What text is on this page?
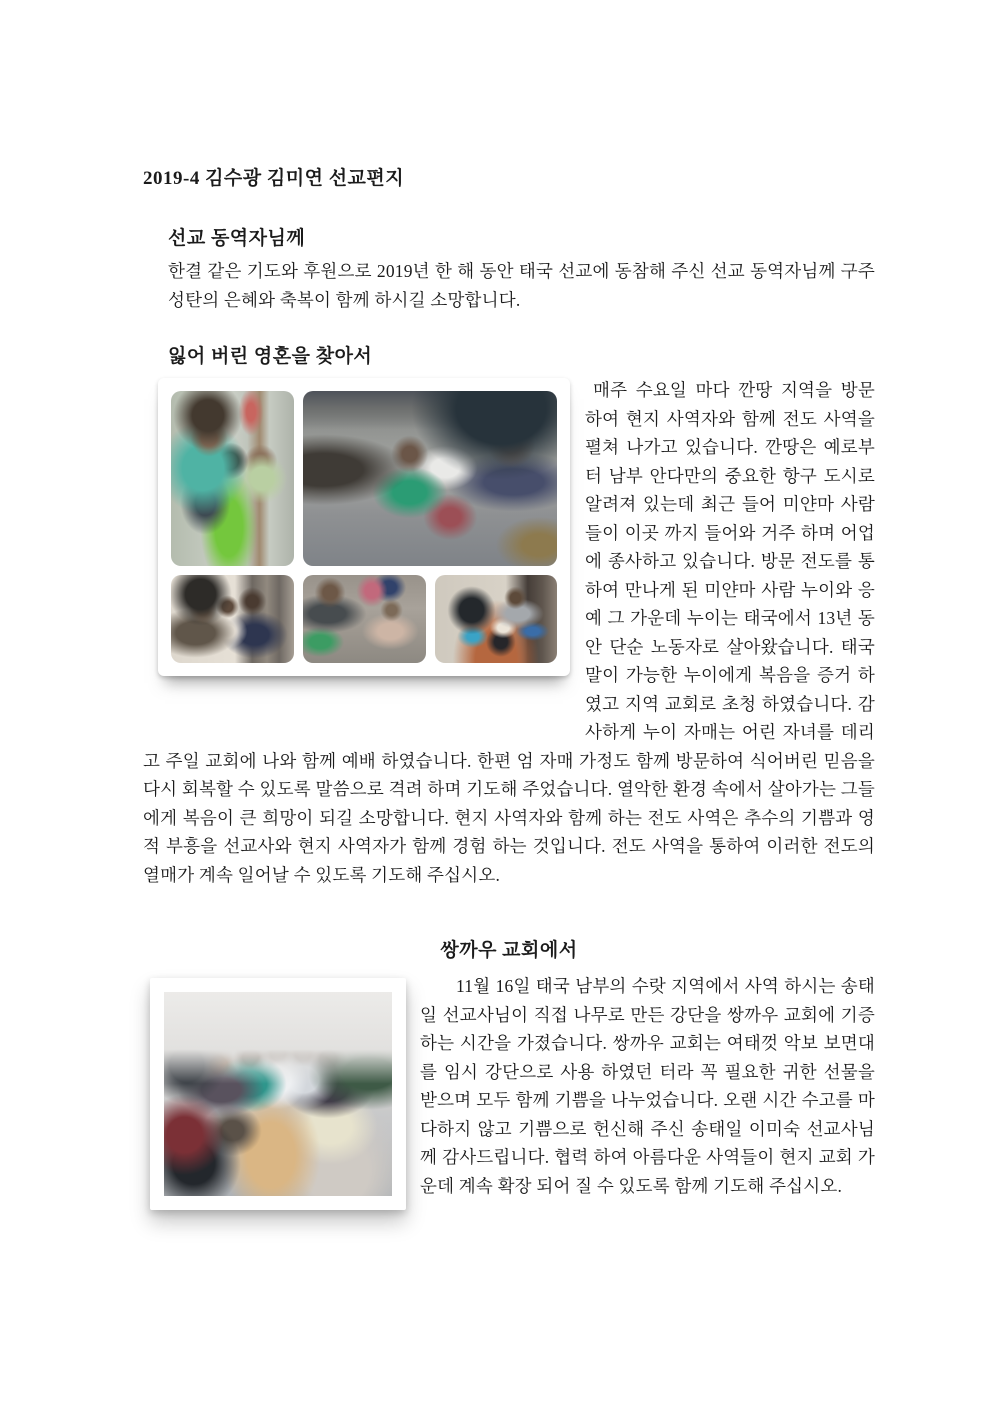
2019-4 김수광 김미연 선교편지
선교 동역자님께

한결 같은 기도와 후원으로 2019년 한 해 동안 태국 선교에 동참해 주신 선교 동역자님께 구주 성탄의 은혜와 축복이 함께 하시길 소망합니다.

잃어 버린 영혼을 찾아서

매주 수요일 마다 깐땅 지역을 방문 하여 현지 사역자와 함께 전도 사역을 펼쳐 나가고 있습니다. 깐땅은 예로부터 남부 안다만의 중요한 항구 도시로 알려져 있는데 최근 들어 미얀마 사람들이 이곳 까지 들어와 거주 하며 어업에 종사하고 있습니다. 방문 전도를 통하여 만나게 된 미얀마 사람 누이와 응예 그 가운데 누이는 태국에서 13년 동안 단순 노동자로 살아왔습니다. 태국말이 가능한 누이에게 복음을 증거 하였고 지역 교회로 초청 하였습니다. 감사하게 누이 자매는 어린 자녀를 데리고 주일 교회에 나와 함께 예배 하였습니다. 한편 엄 자매 가정도 함께 방문하여 식어버린 믿음을 다시 회복할 수 있도록 말씀으로 격려 하며 기도해 주었습니다. 열악한 환경 속에서 살아가는 그들에게 복음이 큰 희망이 되길 소망합니다. 현지 사역자와 함께 하는 전도 사역은 추수의 기쁨과 영적 부흥을 선교사와 현지 사역자가 함께 경험 하는 것입니다. 전도 사역을 통하여 이러한 전도의 열매가 계속 일어날 수 있도록 기도해 주십시오.

쌍까우 교회에서

11월 16일 태국 남부의 수랏 지역에서 사역 하시는 송태일 선교사님이 직접 나무로 만든 강단을 쌍까우 교회에 기증 하는 시간을 가졌습니다. 쌍까우 교회는 여태껏 악보 보면대를 임시 강단으로 사용 하였던 터라 꼭 필요한 귀한 선물을 받으며 모두 함께 기쁨을 나누었습니다. 오랜 시간 수고를 마다하지 않고 기쁨으로 헌신해 주신 송태일 이미숙 선교사님께 감사드립니다. 협력 하여 아름다운 사역들이 현지 교회 가운데 계속 확장 되어 질 수 있도록 함께 기도해 주십시오.
